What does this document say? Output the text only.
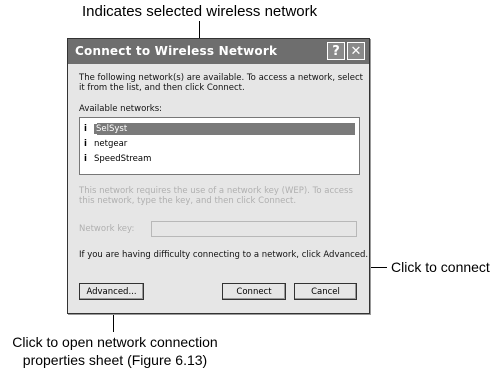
Indicates selected wireless network
Click to connect
Click to open network connection
properties sheet (Figure 6.13)
Connect to Wireless Network	? ✕
The following network(s) are available. To access a network, select it from the list, and then click Connect.
Available networks:
i SelSyst
i netgear
i SpeedStream
This network requires the use of a network key (WEP). To access this network, type the key, and then click Connect.
Network key:
If you are having difficulty connecting to a network, click Advanced.
Advanced...	Connect	Cancel
